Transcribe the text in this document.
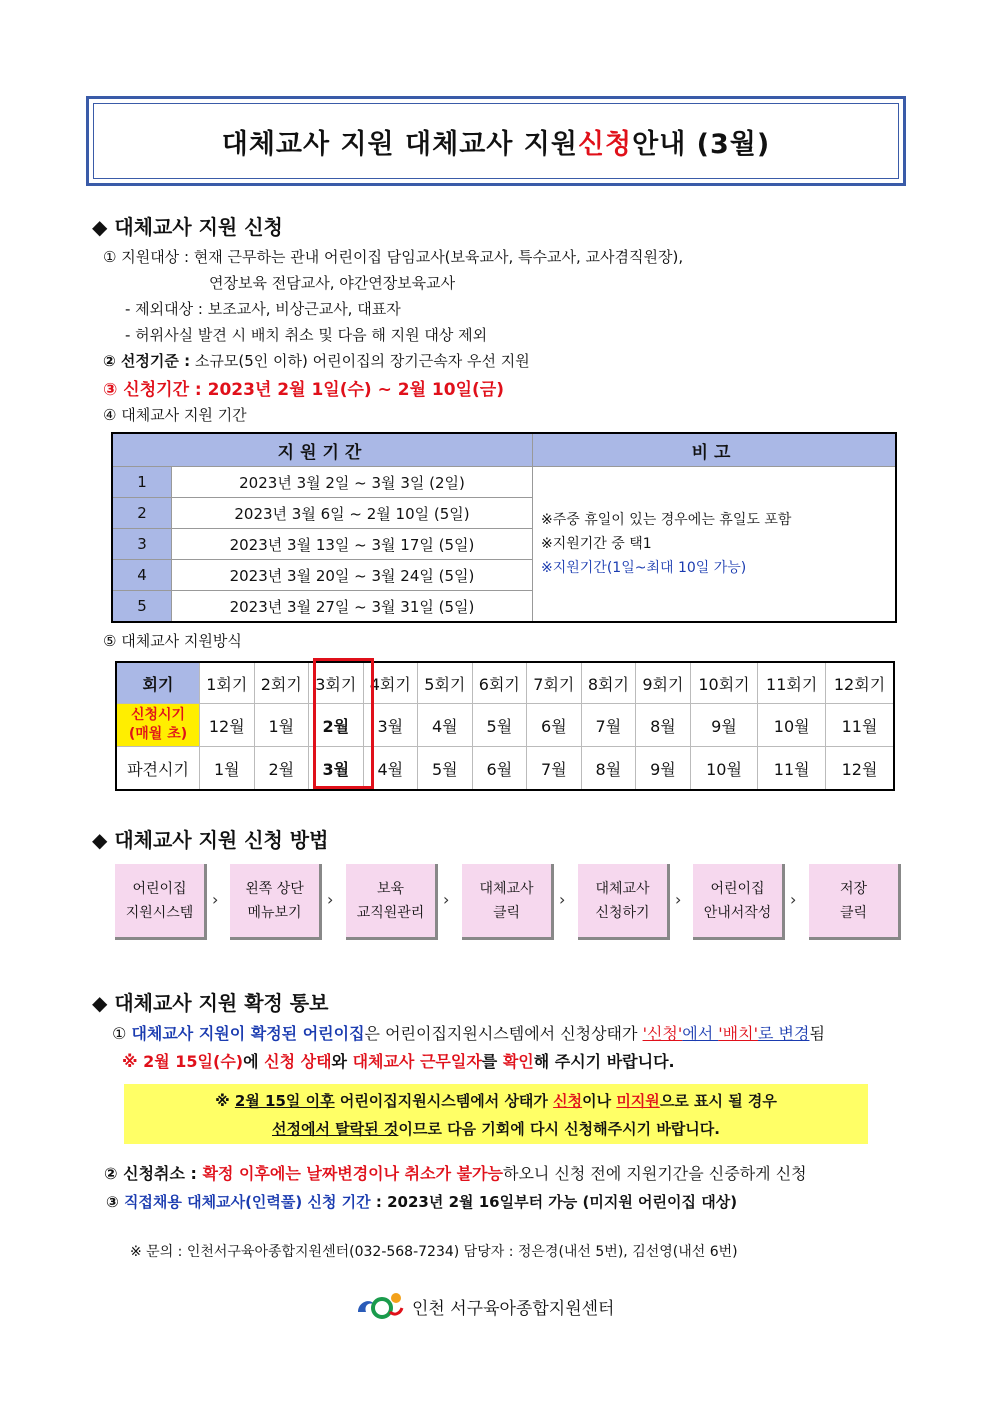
대체교사 지원 대체교사 지원 신청 안내 (3월)
◆ 대체교사 지원 신청
① 지원대상 : 현재 근무하는 관내 어린이집 담임교사(보육교사, 특수교사, 교사겸직원장),
연장보육 전담교사, 야간연장보육교사
- 제외대상 : 보조교사, 비상근교사, 대표자
- 허위사실 발견 시 배치 취소 및 다음 해 지원 대상 제외
② 선정기준 : 소규모(5인 이하) 어린이집의 장기근속자 우선 지원
③ 신청기간 : 2023년 2월 1일(수) ~ 2월 10일(금)
④ 대체교사 지원 기간
지원기간		비고
1	2023년 3월 2일 ~ 3월 3일 (2일)	※주중 휴일이 있는 경우에는 휴일도 포함
※지원기간 중 택1
※지원기간(1일~최대 10일 가능)

2	2023년 3월 6일 ~ 2월 10일 (5일)	
3	2023년 3월 13일 ~ 3월 17일 (5일)	
4	2023년 3월 20일 ~ 3월 24일 (5일)	
5	2023년 3월 27일 ~ 3월 31일 (5일)	
⑤ 대체교사 지원방식
회기	1회기	2회기	3회기	4회기	5회기	6회기	7회기	8회기	9회기	10회기	11회기	12회기

신청시기
(매월 초)	12월	1월	2월	3월	4월	5월	6월	7월	8월	9월	10월	11월
파견시기	1월	2월	3월	4월	5월	6월	7월	8월	9월	10월	11월	12월
◆ 대체교사 지원 신청 방법
어린이집
지원시스템
›
왼쪽 상단
메뉴보기
›
보육
교직원관리
›
대체교사
클릭
›
대체교사
신청하기
›
어린이집
안내서작성
›
저장
클릭
◆ 대체교사 지원 확정 통보
① 대체교사 지원이 확정된 어린이집은 어린이집지원시스템에서 신청상태가 '신청'에서 '배치'로 변경됨
※ 2월 15일(수)에 신청 상태와 대체교사 근무일자를 확인해 주시기 바랍니다.
※ 2월 15일 이후 어린이집지원시스템에서 상태가 신청이나 미지원으로 표시 될 경우
선정에서 탈락된 것이므로 다음 기회에 다시 신청해주시기 바랍니다.
② 신청취소 : 확정 이후에는 날짜변경이나 취소가 불가능하오니 신청 전에 지원기간을 신중하게 신청
③ 직접채용 대체교사(인력풀) 신청 기간 : 2023년 2월 16일부터 가능 (미지원 어린이집 대상)
※ 문의 : 인천서구육아종합지원센터(032-568-7234) 담당자 : 정은경(내선 5번), 김선영(내선 6번)
인천 서구육아종합지원센터
